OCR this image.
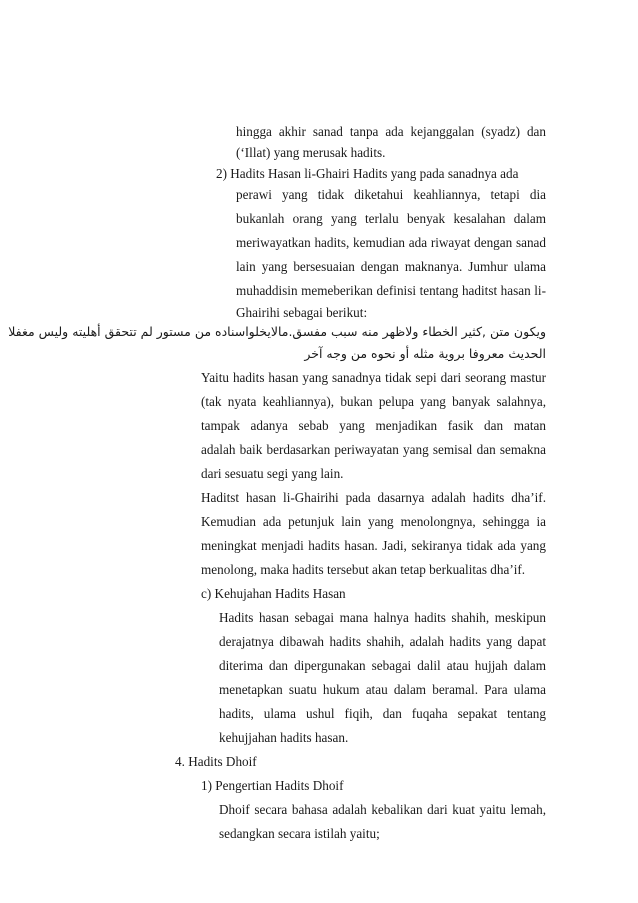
hingga akhir sanad tanpa ada kejanggalan (syadz) dan
(‘Illat) yang merusak hadits.
2) Hadits Hasan li-Ghairi Hadits yang pada sanadnya ada
perawi yang tidak diketahui keahliannya, tetapi dia
bukanlah orang yang terlalu benyak kesalahan dalam
meriwayatkan hadits, kemudian ada riwayat dengan sanad
lain yang bersesuaian dengan maknanya. Jumhur ulama
muhaddisin memeberikan definisi tentang haditst hasan li-
Ghairihi sebagai berikut:
ويكون متن ,كثير الخطاء ولاظهر منه سبب مفسق.مالايخلواسناده من مستور لم تتحقق أهليته وليس مغفلا
الحديث معروفا بروية مثله أو نحوه من وجه آخر
Yaitu hadits hasan yang sanadnya tidak sepi dari seorang mastur
(tak nyata keahliannya), bukan pelupa yang banyak salahnya,
tampak adanya sebab yang menjadikan fasik dan matan
adalah baik berdasarkan periwayatan yang semisal dan semakna
dari sesuatu segi yang lain.
Haditst hasan li-Ghairihi pada dasarnya adalah hadits dha’if.
Kemudian ada petunjuk lain yang menolongnya, sehingga ia
meningkat menjadi hadits hasan. Jadi, sekiranya tidak ada yang
menolong, maka hadits tersebut akan tetap berkualitas dha’if.
c) Kehujahan Hadits Hasan
Hadits hasan sebagai mana halnya hadits shahih, meskipun
derajatnya dibawah hadits shahih, adalah hadits yang dapat
diterima dan dipergunakan sebagai dalil atau hujjah dalam
menetapkan suatu hukum atau dalam beramal. Para ulama
hadits, ulama ushul fiqih, dan fuqaha sepakat tentang
kehujjahan hadits hasan.
4. Hadits Dhoif
1) Pengertian Hadits Dhoif
Dhoif secara bahasa adalah kebalikan dari kuat yaitu lemah,
sedangkan secara istilah yaitu;
